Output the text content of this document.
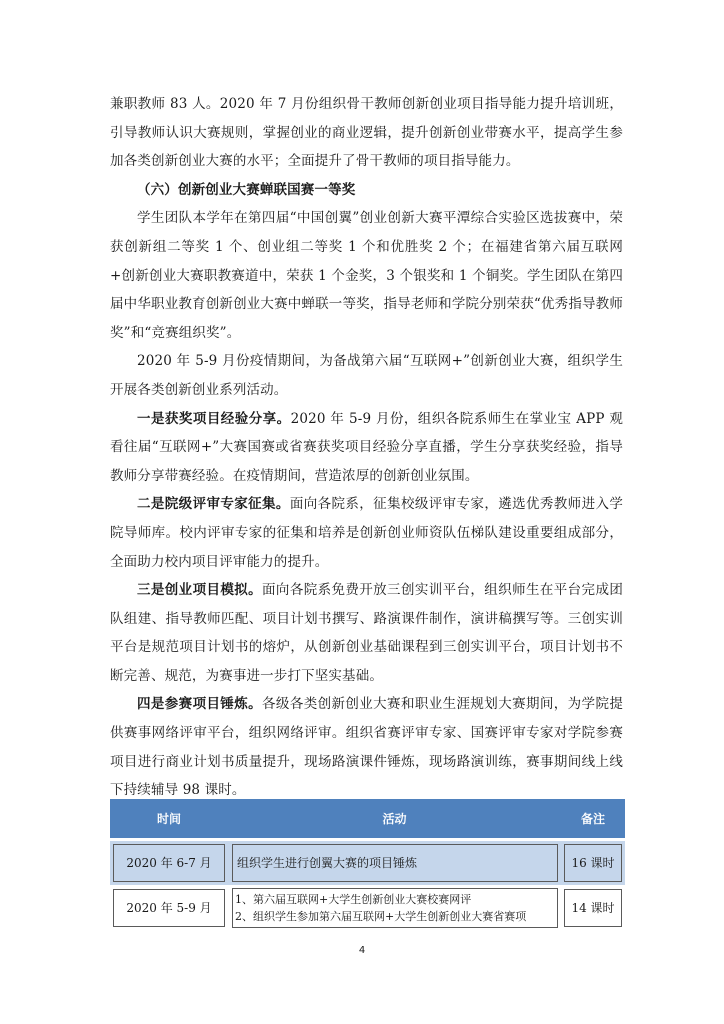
兼职教师 83 人。2020 年 7 月份组织骨干教师创新创业项目指导能力提升培训班，引导教师认识大赛规则，掌握创业的商业逻辑，提升创新创业带赛水平，提高学生参加各类创新创业大赛的水平；全面提升了骨干教师的项目指导能力。

（六）创新创业大赛蝉联国赛一等奖

学生团队本学年在第四届“中国创翼”创业创新大赛平潭综合实验区选拔赛中，荣获创新组二等奖 1 个、创业组二等奖 1 个和优胜奖 2 个；在福建省第六届互联网+创新创业大赛职教赛道中，荣获 1 个金奖，3 个银奖和 1 个铜奖。学生团队在第四届中华职业教育创新创业大赛中蝉联一等奖，指导老师和学院分别荣获“优秀指导教师奖”和“竞赛组织奖”。

2020 年 5-9 月份疫情期间，为备战第六届“互联网+”创新创业大赛，组织学生开展各类创新创业系列活动。

一是获奖项目经验分享。2020 年 5-9 月份，组织各院系师生在掌业宝 APP 观看往届“互联网+”大赛国赛或省赛获奖项目经验分享直播，学生分享获奖经验，指导教师分享带赛经验。在疫情期间，营造浓厚的创新创业氛围。

二是院级评审专家征集。面向各院系，征集校级评审专家，遴选优秀教师进入学院导师库。校内评审专家的征集和培养是创新创业师资队伍梯队建设重要组成部分，全面助力校内项目评审能力的提升。

三是创业项目模拟。面向各院系免费开放三创实训平台，组织师生在平台完成团队组建、指导教师匹配、项目计划书撰写、路演课件制作，演讲稿撰写等。三创实训平台是规范项目计划书的熔炉，从创新创业基础课程到三创实训平台，项目计划书不断完善、规范，为赛事进一步打下坚实基础。

四是参赛项目锤炼。各级各类创新创业大赛和职业生涯规划大赛期间，为学院提供赛事网络评审平台，组织网络评审。组织省赛评审专家、国赛评审专家对学院参赛项目进行商业计划书质量提升，现场路演课件锤炼，现场路演训练，赛事期间线上线下持续辅导 98 课时。

时间	活动	备注

2020 年 6-7 月	组织学生进行创翼大赛的项目锤炼	16 课时

2020 年 5-9 月	1、第六届互联网+大学生创新创业大赛校赛网评
2、组织学生参加第六届互联网+大学生创新创业大赛省赛项	14 课时
4
